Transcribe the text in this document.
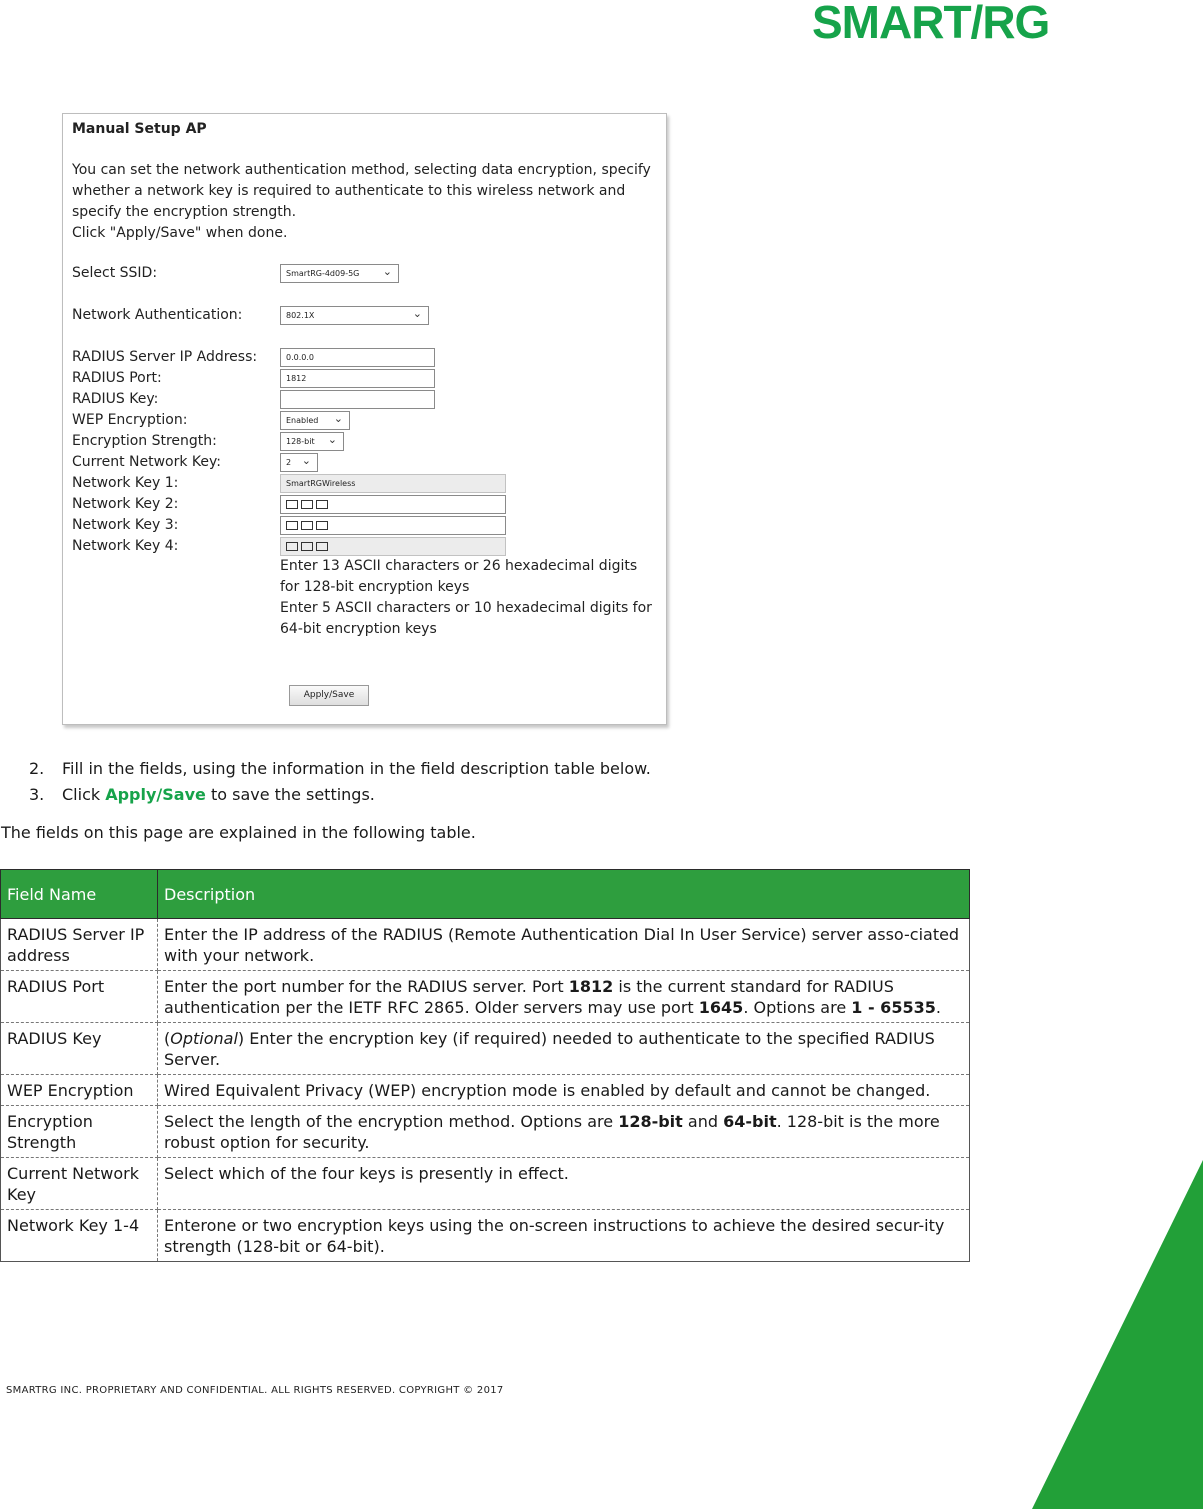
SMART/RG
Manual Setup AP
You can set the network authentication method, selecting data encryption, specify whether a network key is required to authenticate to this wireless network and specify the encryption strength.
Click "Apply/Save" when done.
Select SSID:	SmartRG-4d09-5G ⌄
Network Authentication:	802.1X ⌄
RADIUS Server IP Address:	0.0.0.0
RADIUS Port:	1812
RADIUS Key:
WEP Encryption:	Enabled ⌄
Encryption Strength:	128-bit ⌄
Current Network Key:	2 ⌄
Network Key 1:	SmartRGWireless
Network Key 2:
Network Key 3:
Network Key 4:
Enter 13 ASCII characters or 26 hexadecimal digits for 128-bit encryption keys
Enter 5 ASCII characters or 10 hexadecimal digits for 64-bit encryption keys
Apply/Save
2. Fill in the fields, using the information in the field description table below.
3. Click Apply/Save to save the settings.
The fields on this page are explained in the following table.
Field Name	Description
RADIUS Server IP address	Enter the IP address of the RADIUS (Remote Authentication Dial In User Service) server asso-ciated with your network.
RADIUS Port	Enter the port number for the RADIUS server. Port 1812 is the current standard for RADIUS authentication per the IETF RFC 2865. Older servers may use port 1645. Options are 1 - 65535.
RADIUS Key	(Optional) Enter the encryption key (if required) needed to authenticate to the specified RADIUS Server.
WEP Encryption	Wired Equivalent Privacy (WEP) encryption mode is enabled by default and cannot be changed.
Encryption Strength	Select the length of the encryption method. Options are 128-bit and 64-bit. 128-bit is the more robust option for security.
Current Network Key	Select which of the four keys is presently in effect.
Network Key 1-4	Enterone or two encryption keys using the on-screen instructions to achieve the desired secur-ity strength (128-bit or 64-bit).
SMARTRG INC. PROPRIETARY AND CONFIDENTIAL. ALL RIGHTS RESERVED. COPYRIGHT © 2017
